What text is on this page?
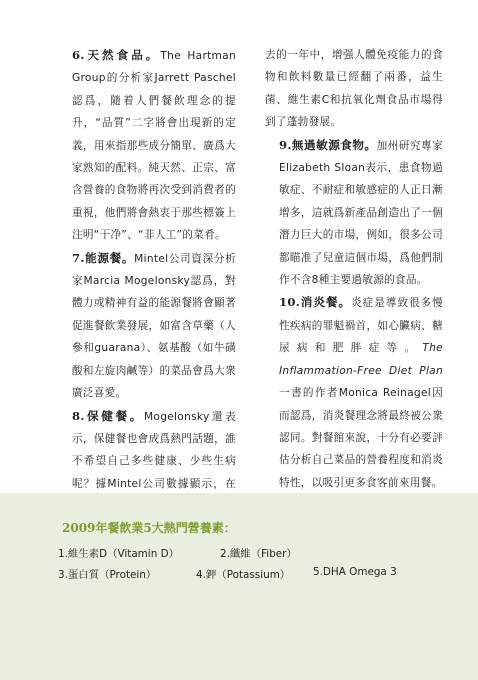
6.天然食品。The Hartman Group的分析家Jarrett Paschel認爲，隨着人們餐飲理念的提升，“品質”二字將會出現新的定義，用來指那些成分簡單、廣爲大家熟知的配料。純天然、正宗、富含營養的食物將再次受到消費者的重視，他們將會熱衷于那些標簽上注明“干净”、“非人工”的菜肴。

7.能源餐。Mintel公司資深分析家Marcia Mogelonsky認爲，對體力或精神有益的能源餐將會顯著促進餐飲業發展，如富含草藥（人參和guarana）、氨基酸（如牛磺酸和左旋肉鹹等）的菜品會爲大衆廣泛喜愛。

8.保健餐。Mogelonsky還表示，保健餐也會成爲熱門話題，誰不希望自己多些健康、少些生病呢？據Mintel公司數據顯示，在

去的一年中，增强人體免疫能力的食物和飲料數量已經翻了兩番，益生菌、維生素C和抗氧化劑食品市場得到了蓬勃發展。

9.無過敏源食物。加州研究專家Elizabeth Sloan表示，患食物過敏症、不耐症和敏感症的人正日漸增多，這就爲新產品創造出了一個潛力巨大的市場，例如，很多公司都瞄准了兒童這個市場，爲他們制作不含8種主要過敏源的食品。

10.消炎餐。炎症是導致很多慢性疾病的罪魁禍首，如心臟病、糖尿病和肥胖症等。The Inflammation-Free Diet Plan一書的作者Monica Reinagel因而認爲，消炎餐理念將最終被公衆認同。對餐館來說，十分有必要評估分析自己菜品的營養程度和消炎特性，以吸引更多食客前來用餐。

2009年餐飲業5大熱門營養素：

1.維生素D（Vitamin D）	2.纖維（Fiber）
3.蛋白質（Protein）	4.鉀（Potassium） 5.DHA Omega 3
